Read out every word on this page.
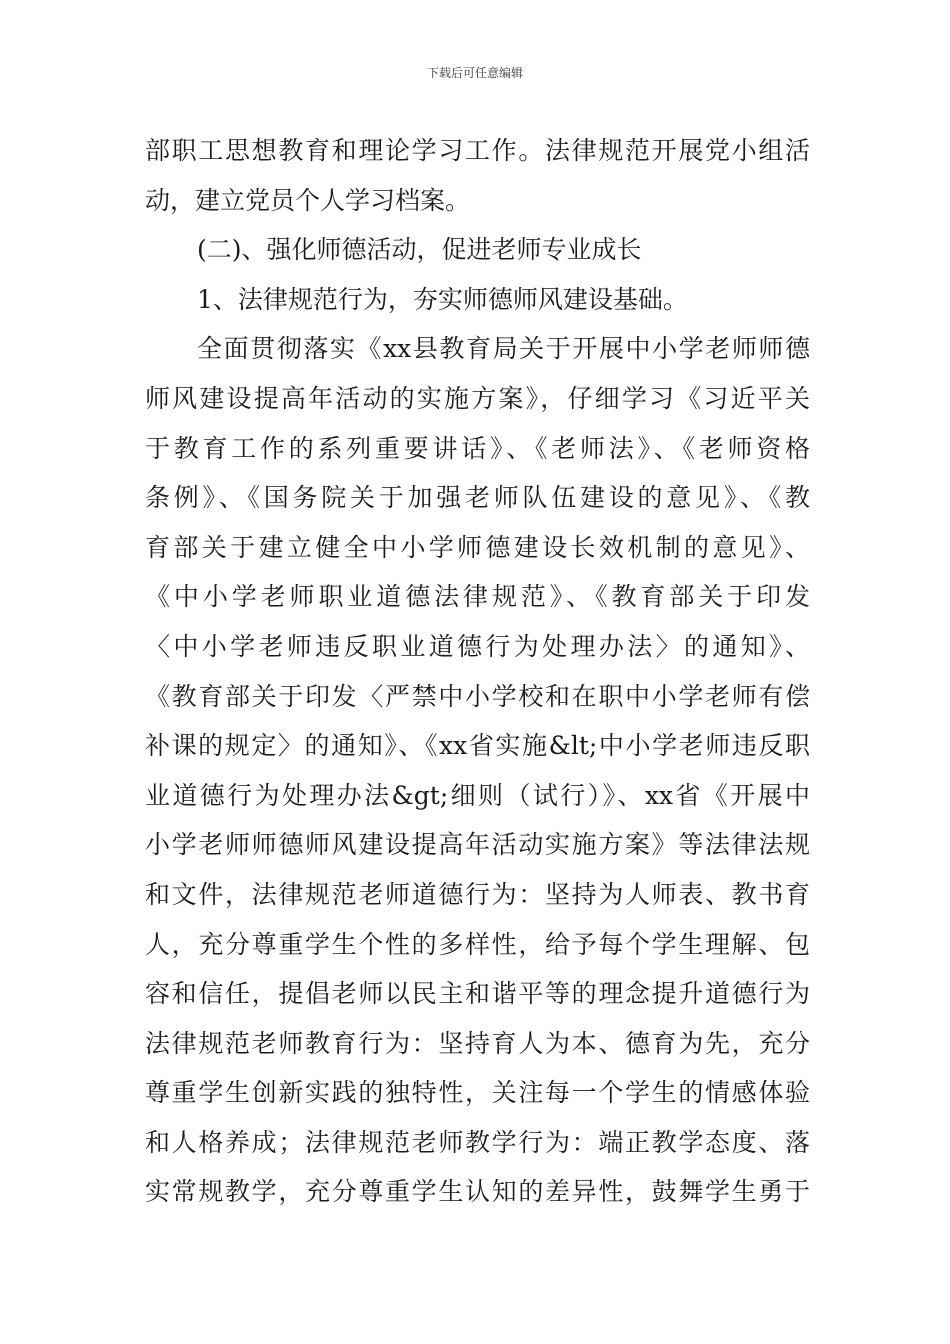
下载后可任意编辑
部职工思想教育和理论学习工作。法律规范开展党小组活
动，建立党员个人学习档案。
(二)、强化师德活动，促进老师专业成长
1、法律规范行为，夯实师德师风建设基础。
全面贯彻落实《xx县教育局关于开展中小学老师师德
师风建设提高年活动的实施方案》，仔细学习《习近平关
于教育工作的系列重要讲话》、《老师法》、《老师资格
条例》、《国务院关于加强老师队伍建设的意见》、《教
育部关于建立健全中小学师德建设长效机制的意见》、
《中小学老师职业道德法律规范》、《教育部关于印发
〈中小学老师违反职业道德行为处理办法〉的通知》、
《教育部关于印发〈严禁中小学校和在职中小学老师有偿
补课的规定〉的通知》、《xx省实施&lt;中小学老师违反职
业道德行为处理办法&gt;细则（试行）》、xx省《开展中
小学老师师德师风建设提高年活动实施方案》等法律法规
和文件，法律规范老师道德行为：坚持为人师表、教书育
人，充分尊重学生个性的多样性，给予每个学生理解、包
容和信任，提倡老师以民主和谐平等的理念提升道德行为
法律规范老师教育行为：坚持育人为本、德育为先，充分
尊重学生创新实践的独特性，关注每一个学生的情感体验
和人格养成；法律规范老师教学行为：端正教学态度、落
实常规教学，充分尊重学生认知的差异性，鼓舞学生勇于
